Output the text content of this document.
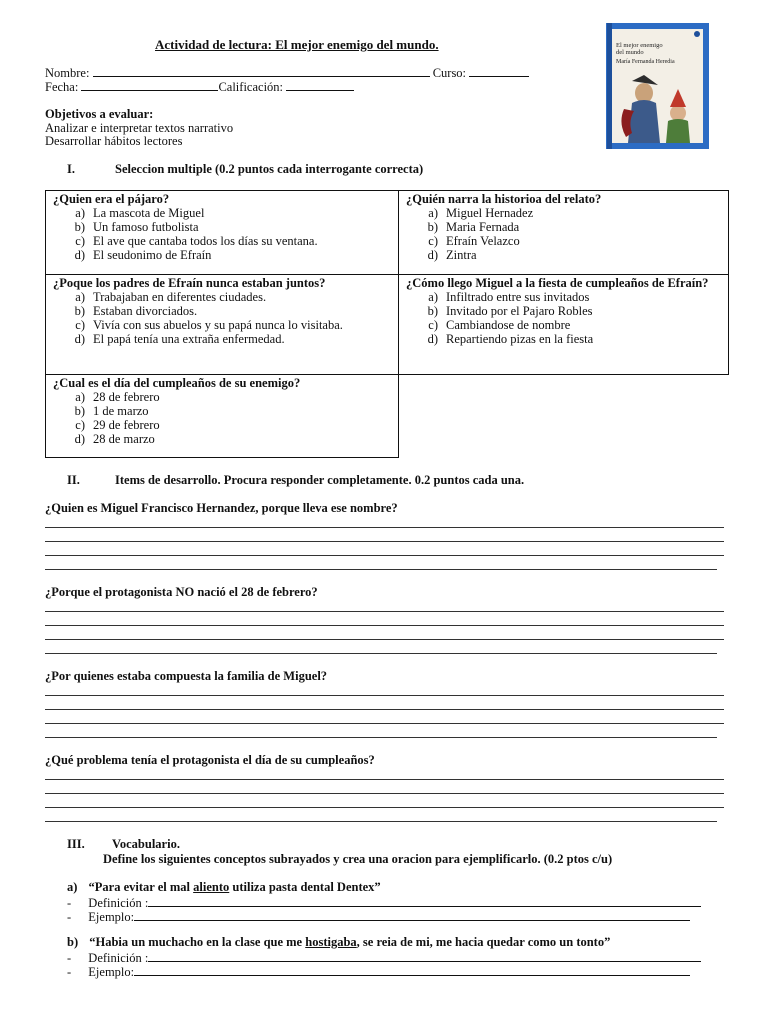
Actividad de lectura: El mejor enemigo del mundo.	El mejor enemigo del mundo
María Fernanda Heredia
Nombre:	Curso:
Fecha:	Calificación:
Objetivos a evaluar:
Analizar e interpretar textos narrativo
Desarrollar hábitos lectores
I.	Seleccion multiple (0.2 puntos cada interrogante correcta)
¿Quien era el pájaro?
a) La mascota de Miguel
b) Un famoso futbolista
c) El ave que cantaba todos los días su ventana.
d) El seudonimo de Efraín
¿Quién narra la historioa del relato?
a) Miguel Hernadez
b) Maria Fernada
c) Efraín Velazco
d) Zintra
¿Poque los padres de Efraín nunca estaban juntos?
a) Trabajaban en diferentes ciudades.
b) Estaban divorciados.
c) Vivía con sus abuelos y su papá nunca lo visitaba.
d) El papá tenía una extraña enfermedad.
¿Cómo llego Miguel a la fiesta de cumpleaños de Efraín?
a) Infiltrado entre sus invitados
b) Invitado por el Pajaro Robles
c) Cambiandose de nombre
d) Repartiendo pizas en la fiesta
¿Cual es el día del cumpleaños de su enemigo?
a) 28 de febrero
b) 1 de marzo
c) 29 de febrero
d) 28 de marzo
II.	Items de desarrollo. Procura responder completamente. 0.2 puntos cada una.
¿Quien es Miguel Francisco Hernandez, porque lleva ese nombre?
¿Porque el protagonista NO nació el 28 de febrero?
¿Por quienes estaba compuesta la familia de Miguel?
¿Qué problema tenía el protagonista el día de su cumpleaños?
III. Vocabulario.
Define los siguientes conceptos subrayados y crea una oracion para ejemplificarlo. (0.2 ptos c/u)
a) “Para evitar el mal aliento utiliza pasta dental Dentex”
- Definición :
- Ejemplo:
b) “Habia un muchacho en la clase que me hostigaba, se reia de mi, me hacia quedar como un tonto”
- Definición :
- Ejemplo:
